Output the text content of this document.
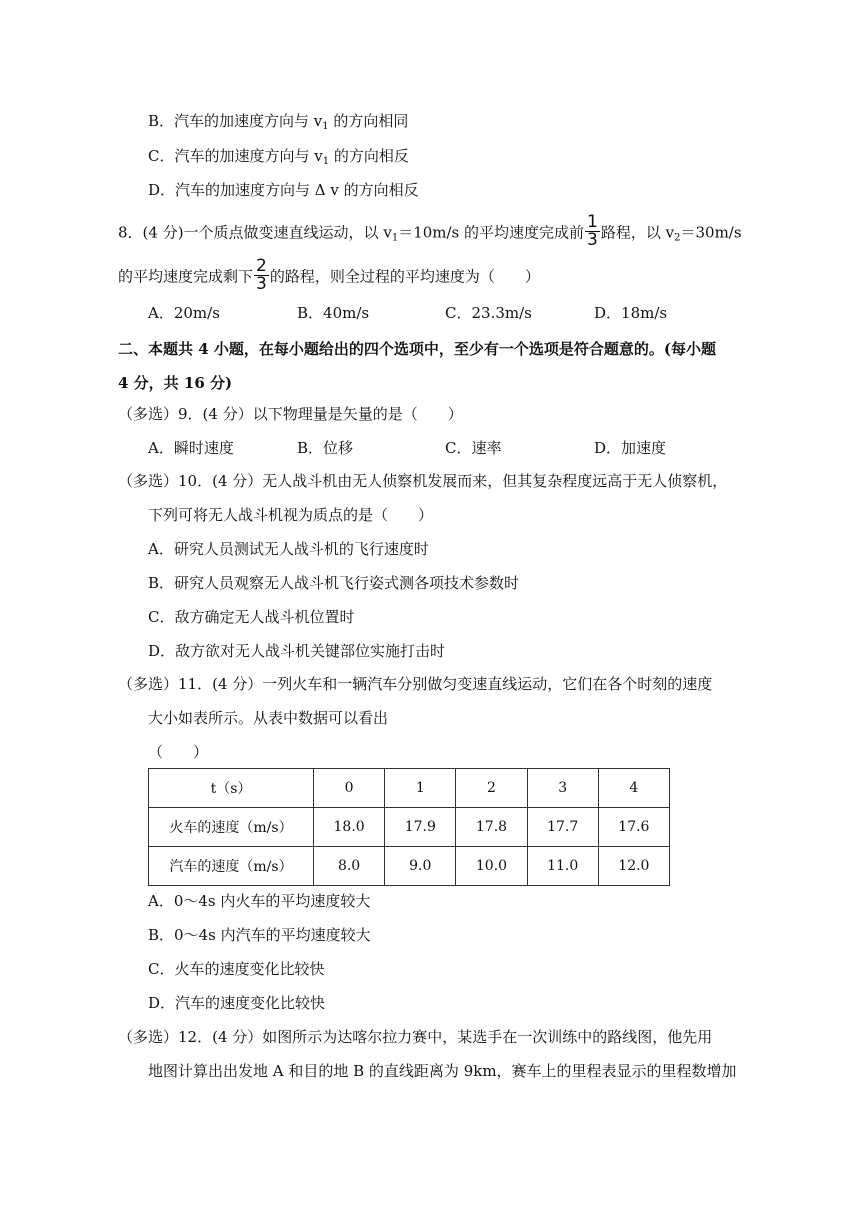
B．汽车的加速度方向与 $v_1$ 的方向相同
C．汽车的加速度方向与 $v_1$ 的方向相反
D．汽车的加速度方向与 Δ v 的方向相反
8．(4 分)一个质点做变速直线运动，以 $v_1=10m/s$ 的平均速度完成前 $\frac{1}{3}$ 路程，以 $v_2=30m/s$
的平均速度完成剩下 $\frac{2}{3}$ 的路程，则全过程的平均速度为（　　）
A．20m/s	B．40m/s	C．23.3m/s	D．18m/s
二、本题共 4 小题，在每小题给出的四个选项中，至少有一个选项是符合题意的。(每小题
4 分，共 16 分)
（多选）9．(4 分）以下物理量是矢量的是（　　）
A．瞬时速度	B．位移	C．速率	D．加速度
（多选）10．(4 分）无人战斗机由无人侦察机发展而来，但其复杂程度远高于无人侦察机，
下列可将无人战斗机视为质点的是（　　）
A．研究人员测试无人战斗机的飞行速度时
B．研究人员观察无人战斗机飞行姿式测各项技术参数时
C．敌方确定无人战斗机位置时
D．敌方欲对无人战斗机关键部位实施打击时
（多选）11．(4 分）一列火车和一辆汽车分别做匀变速直线运动，它们在各个时刻的速度
大小如表所示。从表中数据可以看出
（　　）
t（s）	0	1	2	3	4
火车的速度（m/s）	18.0	17.9	17.8	17.7	17.6
汽车的速度（m/s）	8.0	9.0	10.0	11.0	12.0
A．0～4s 内火车的平均速度较大
B．0～4s 内汽车的平均速度较大
C．火车的速度变化比较快
D．汽车的速度变化比较快
（多选）12．(4 分）如图所示为达喀尔拉力赛中，某选手在一次训练中的路线图，他先用
地图计算出出发地 A 和目的地 B 的直线距离为 9km，赛车上的里程表显示的里程数增加
